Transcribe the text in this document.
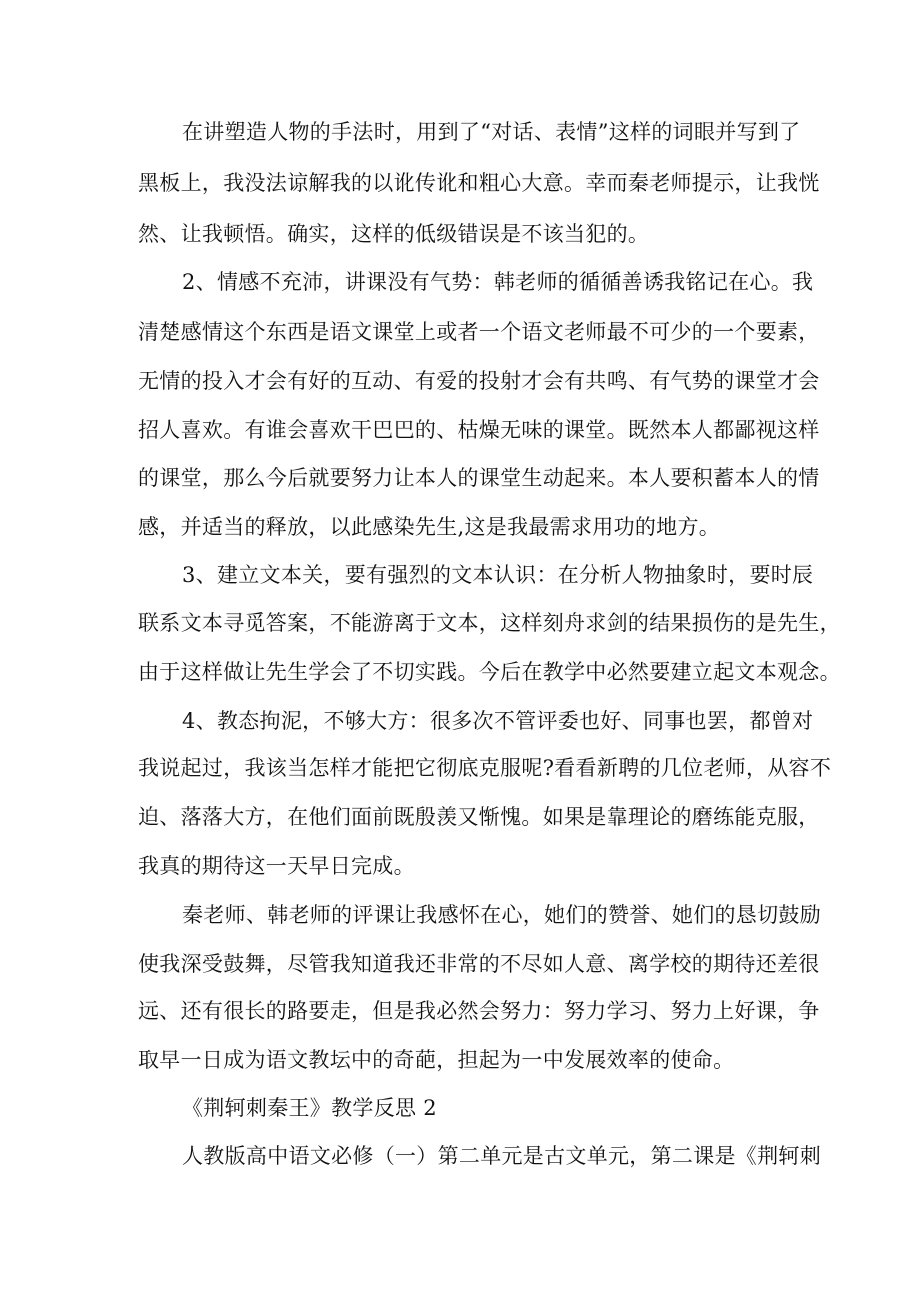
在讲塑造人物的手法时，用到了“对话、表情”这样的词眼并写到了
黑板上，我没法谅解我的以讹传讹和粗心大意。幸而秦老师提示，让我恍
然、让我顿悟。确实，这样的低级错误是不该当犯的。
2、情感不充沛，讲课没有气势：韩老师的循循善诱我铭记在心。我
清楚感情这个东西是语文课堂上或者一个语文老师最不可少的一个要素，
无情的投入才会有好的互动、有爱的投射才会有共鸣、有气势的课堂才会
招人喜欢。有谁会喜欢干巴巴的、枯燥无味的课堂。既然本人都鄙视这样
的课堂，那么今后就要努力让本人的课堂生动起来。本人要积蓄本人的情
感，并适当的释放，以此感染先生,这是我最需求用功的地方。
3、建立文本关，要有强烈的文本认识：在分析人物抽象时，要时辰
联系文本寻觅答案，不能游离于文本，这样刻舟求剑的结果损伤的是先生，
由于这样做让先生学会了不切实践。今后在教学中必然要建立起文本观念。
4、教态拘泥，不够大方：很多次不管评委也好、同事也罢，都曾对
我说起过，我该当怎样才能把它彻底克服呢?看看新聘的几位老师，从容不
迫、落落大方，在他们面前既殷羡又惭愧。如果是靠理论的磨练能克服，
我真的期待这一天早日完成。
秦老师、韩老师的评课让我感怀在心，她们的赞誉、她们的恳切鼓励
使我深受鼓舞，尽管我知道我还非常的不尽如人意、离学校的期待还差很
远、还有很长的路要走，但是我必然会努力：努力学习、努力上好课，争
取早一日成为语文教坛中的奇葩，担起为一中发展效率的使命。
《荆轲刺秦王》教学反思 2
人教版高中语文必修（一）第二单元是古文单元，第二课是《荆轲刺
